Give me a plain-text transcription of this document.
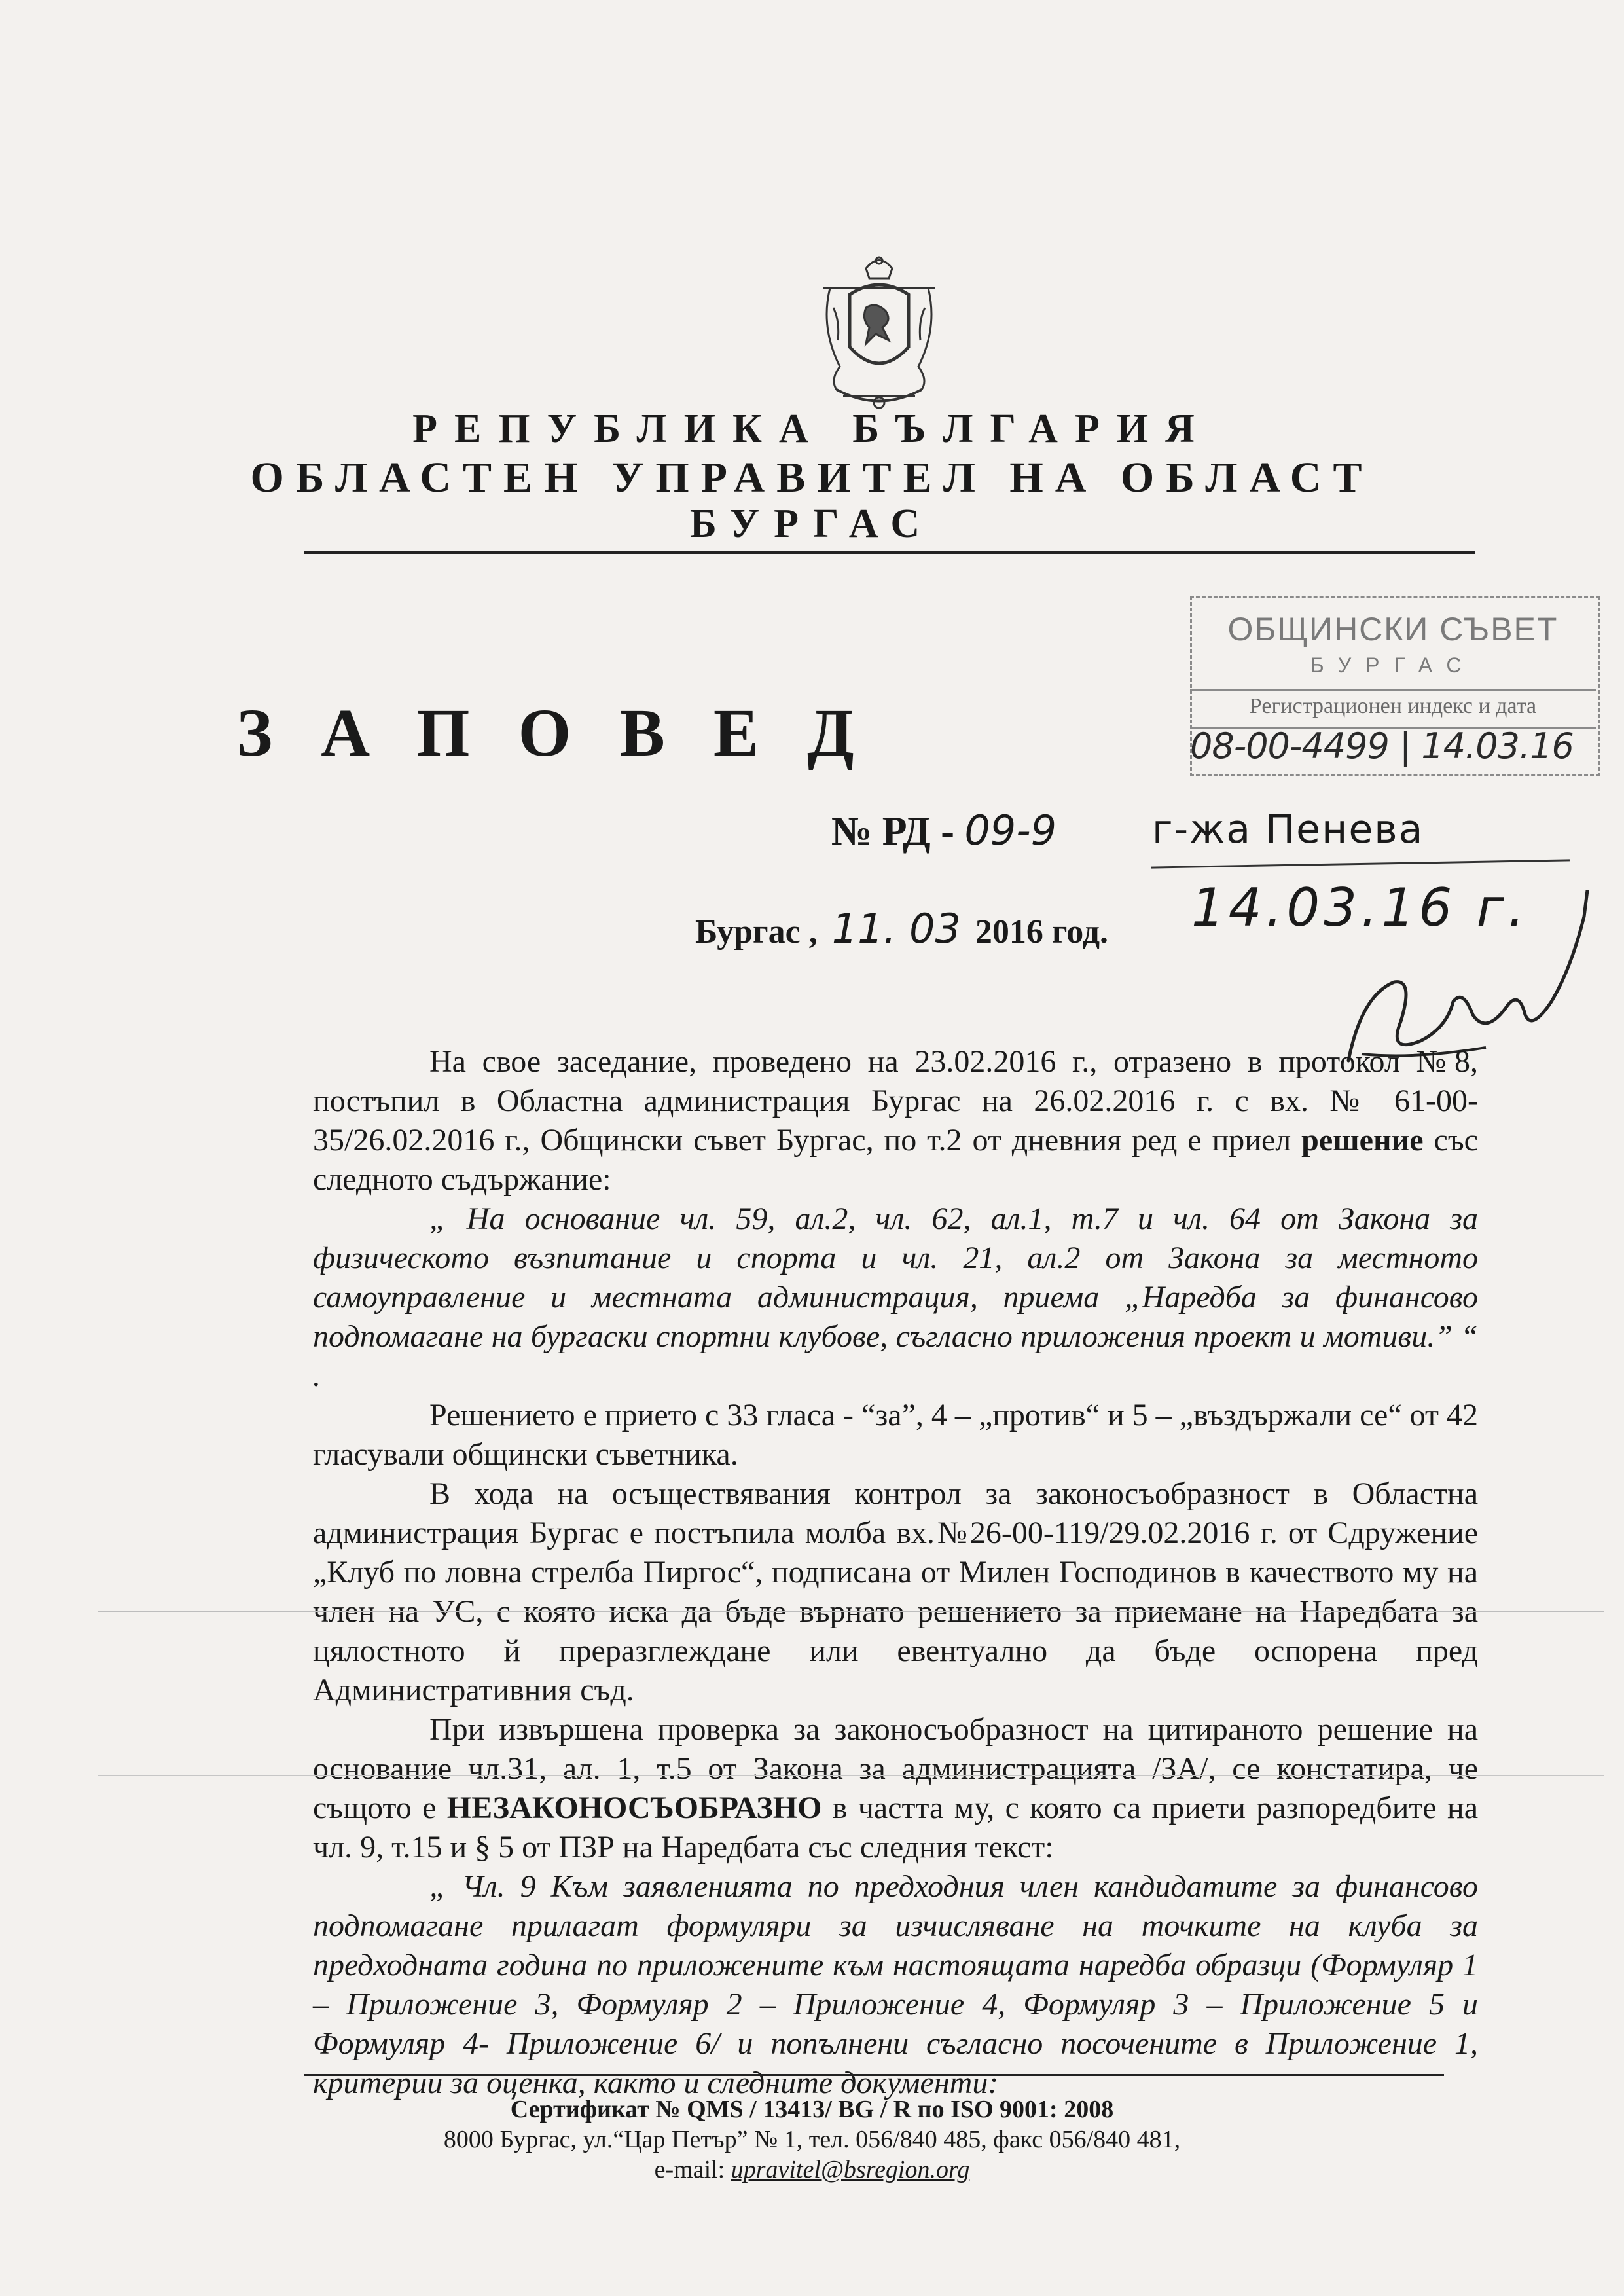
РЕПУБЛИКА БЪЛГАРИЯ
ОБЛАСТЕН УПРАВИТЕЛ НА ОБЛАСТ
БУРГАС
ОБЩИНСКИ СЪВЕТ
БУРГАС
Регистрационен индекс и дата
08-00-4499 | 14.03.16
ЗАПОВЕД
№ РД - 09-9
Бургас , 11. 03 2016 год.
г-жа Пенева
14.03.16 г.

На свое заседание, проведено на 23.02.2016 г., отразено в протокол №8, постъпил в Областна администрация Бургас на 26.02.2016 г. с вх. № 61-00-35/26.02.2016 г., Общински съвет Бургас, по т.2 от дневния ред е приел решение със следното съдържание:

„ На основание чл. 59, ал.2, чл. 62, ал.1, т.7 и чл. 64 от Закона за физическото възпитание и спорта и чл. 21, ал.2 от Закона за местното самоуправление и местната администрация, приема „Наредба за финансово подпомагане на бургаски спортни клубове, съгласно приложения проект и мотиви.” “ .

Решението е прието с 33 гласа - “за”, 4 – „против“ и 5 – „въздържали се“ от 42 гласували общински съветника.

В хода на осъществявания контрол за законосъобразност в Областна администрация Бургас е постъпила молба вх.№26-00-119/29.02.2016 г. от Сдружение „Клуб по ловна стрелба Пиргос“, подписана от Милен Господинов в качеството му на член на УС, с която иска да бъде върнато решението за приемане на Наредбата за цялостното й преразглеждане или евентуално да бъде оспорена пред Административния съд.

При извършена проверка за законосъобразност на цитираното решение на основание чл.31, ал. 1, т.5 от Закона за администрацията /ЗА/, се констатира, че същото е НЕЗАКОНОСЪОБРАЗНО в частта му, с която са приети разпоредбите на чл. 9, т.15 и § 5 от ПЗР на Наредбата със следния текст:

„ Чл. 9 Към заявленията по предходния член кандидатите за финансово подпомагане прилагат формуляри за изчисляване на точките на клуба за предходната година по приложените към настоящата наредба образци (Формуляр 1 – Приложение 3, Формуляр 2 – Приложение 4, Формуляр 3 – Приложение 5 и Формуляр 4- Приложение 6/ и попълнени съгласно посочените в Приложение 1, критерии за оценка, както и следните документи:

Сертификат № QMS / 13413/ BG / R по ISO 9001: 2008
8000 Бургас, ул.“Цар Петър” № 1, тел. 056/840 485, факс 056/840 481,
e-mail: upravitel@bsregion.org
